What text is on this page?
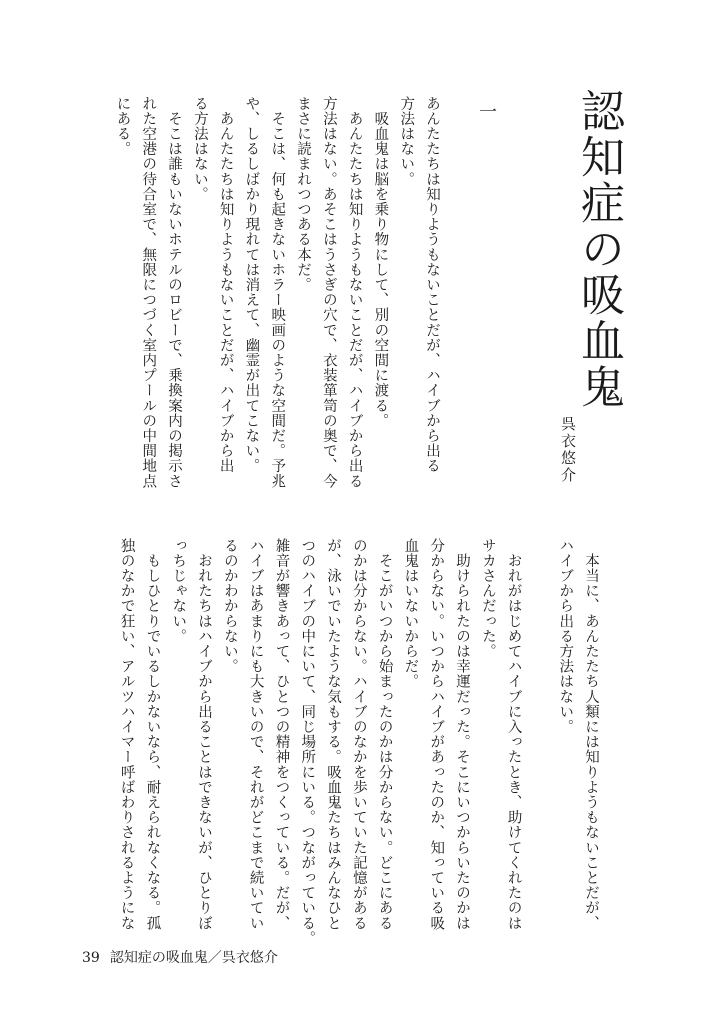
認知症の吸血鬼
呉衣悠介
一

あんたたちは知りようもないことだが、ハイブから出る

方法はない。

　吸血鬼は脳を乗り物にして、別の空間に渡る。

　あんたたちは知りようもないことだが、ハイブから出る

方法はない。あそこはうさぎの穴で、衣装箪笥の奥で、今

まさに読まれつつある本だ。

　そこは、何も起きないホラー映画のような空間だ。予兆

や、しるしばかり現れては消えて、幽霊が出てこない。

　あんたたちは知りようもないことだが、ハイブから出

る方法はない。

　そこは誰もいないホテルのロビーで、乗換案内の掲示さ

れた空港の待合室で、無限につづく室内プールの中間地点

にある。

　本当に、あんたたち人類には知りようもないことだが、

ハイブから出る方法はない。

　おれがはじめてハイブに入ったとき、助けてくれたのは

サカさんだった。

　助けられたのは幸運だった。そこにいつからいたのかは

分からない。いつからハイブがあったのか、知っている吸

血鬼はいないからだ。

　そこがいつから始まったのかは分からない。どこにある

のかは分からない。ハイブのなかを歩いていた記憶がある

が、泳いでいたような気もする。吸血鬼たちはみんなひと

つのハイブの中にいて、同じ場所にいる。つながっている。

雑音が響きあって、ひとつの精神をつくっている。だが、

ハイブはあまりにも大きいので、それがどこまで続いてい

るのかわからない。

　おれたちはハイブから出ることはできないが、ひとりぼ

っちじゃない。

　もしひとりでいるしかないなら、耐えられなくなる。孤

独のなかで狂い、アルツハイマー呼ばわりされるようにな

39 認知症の吸血鬼／呉衣悠介
